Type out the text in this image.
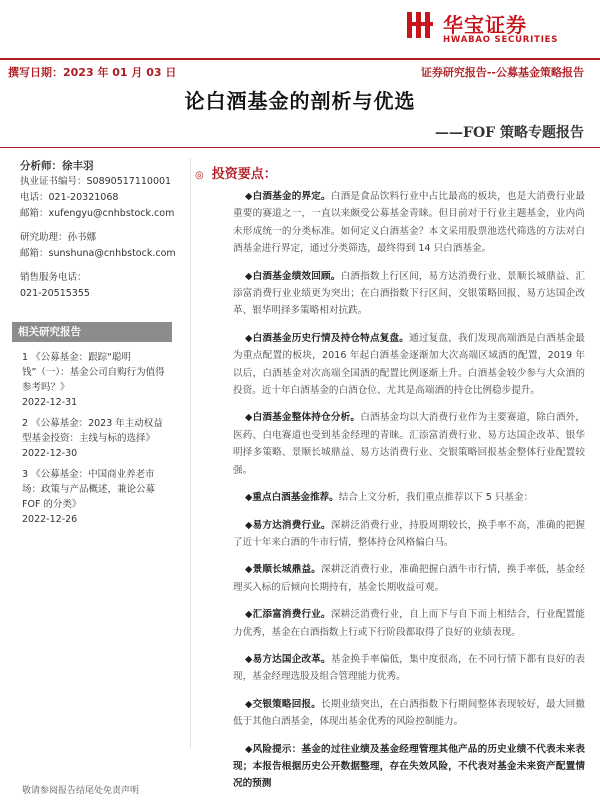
华宝证券
HWABAO SECURITIES
撰写日期：2023 年 01 月 03 日	证券研究报告--公募基金策略报告
论白酒基金的剖析与优选
——FOF 策略专题报告
分析师：徐丰羽
执业证书编号：S0890517110001
电话：021-20321068
邮箱：xufengyu@cnhbstock.com
研究助理：孙书娜
邮箱：sunshuna@cnhbstock.com
销售服务电话：
021-20515355
相关研究报告
1 《公募基金：跟踪“聪明钱”（一）：基金公司自购行为值得参考吗？》
2022-12-31
2 《公募基金：2023 年主动权益型基金投资：主线与标的选择》
2022-12-30
3 《公募基金：中国商业养老市场：政策与产品概述，兼论公募 FOF 的分类》
2022-12-26
◎ 投资要点：

◆白酒基金的界定。白酒是食品饮料行业中占比最高的板块，也是大消费行业最重要的赛道之一，一直以来颇受公募基金青睐。但目前对于行业主题基金，业内尚未形成统一的分类标准。如何定义白酒基金？本文采用股票池迭代筛选的方法对白酒基金进行界定，通过分类筛选，最终得到 14 只白酒基金。

◆白酒基金绩效回顾。白酒指数上行区间，易方达消费行业、景顺长城鼎益、汇添富消费行业业绩更为突出；在白酒指数下行区间，交银策略回报、易方达国企改革、银华明择多策略相对抗跌。

◆白酒基金历史行情及持仓特点复盘。通过复盘，我们发现高端酒是白酒基金最为重点配置的板块，2016 年起白酒基金逐渐加大次高端区域酒的配置，2019 年以后，白酒基金对次高端全国酒的配置比例逐渐上升。白酒基金较少参与大众酒的投资。近十年白酒基金的白酒仓位、尤其是高端酒的持仓比例稳步提升。

◆白酒基金整体持仓分析。白酒基金均以大消费行业作为主要赛道，除白酒外，医药、白电赛道也受到基金经理的青睐。汇添富消费行业、易方达国企改革、银华明择多策略、景顺长城鼎益、易方达消费行业、交银策略回报基金整体行业配置较强。

◆重点白酒基金推荐。结合上文分析，我们重点推荐以下 5 只基金：

◆易方达消费行业。深耕泛消费行业，持股周期较长，换手率不高，准确的把握了近十年来白酒的牛市行情，整体持仓风格偏白马。

◆景顺长城鼎益。深耕泛消费行业，准确把握白酒牛市行情，换手率低，基金经理买入标的后倾向长期持有，基金长期收益可观。

◆汇添富消费行业。深耕泛消费行业，自上而下与自下而上相结合，行业配置能力优秀，基金在白酒指数上行或下行阶段都取得了良好的业绩表现。

◆易方达国企改革。基金换手率偏低，集中度很高，在不同行情下都有良好的表现，基金经理选股及组合管理能力优秀。

◆交银策略回报。长期业绩突出，在白酒指数下行期间整体表现较好，最大回撤低于其他白酒基金，体现出基金优秀的风险控制能力。

◆风险提示：基金的过往业绩及基金经理管理其他产品的历史业绩不代表未来表现；本报告根据历史公开数据整理，存在失效风险，不代表对基金未来资产配置情况的预测

敬请参阅报告结尾处免责声明
